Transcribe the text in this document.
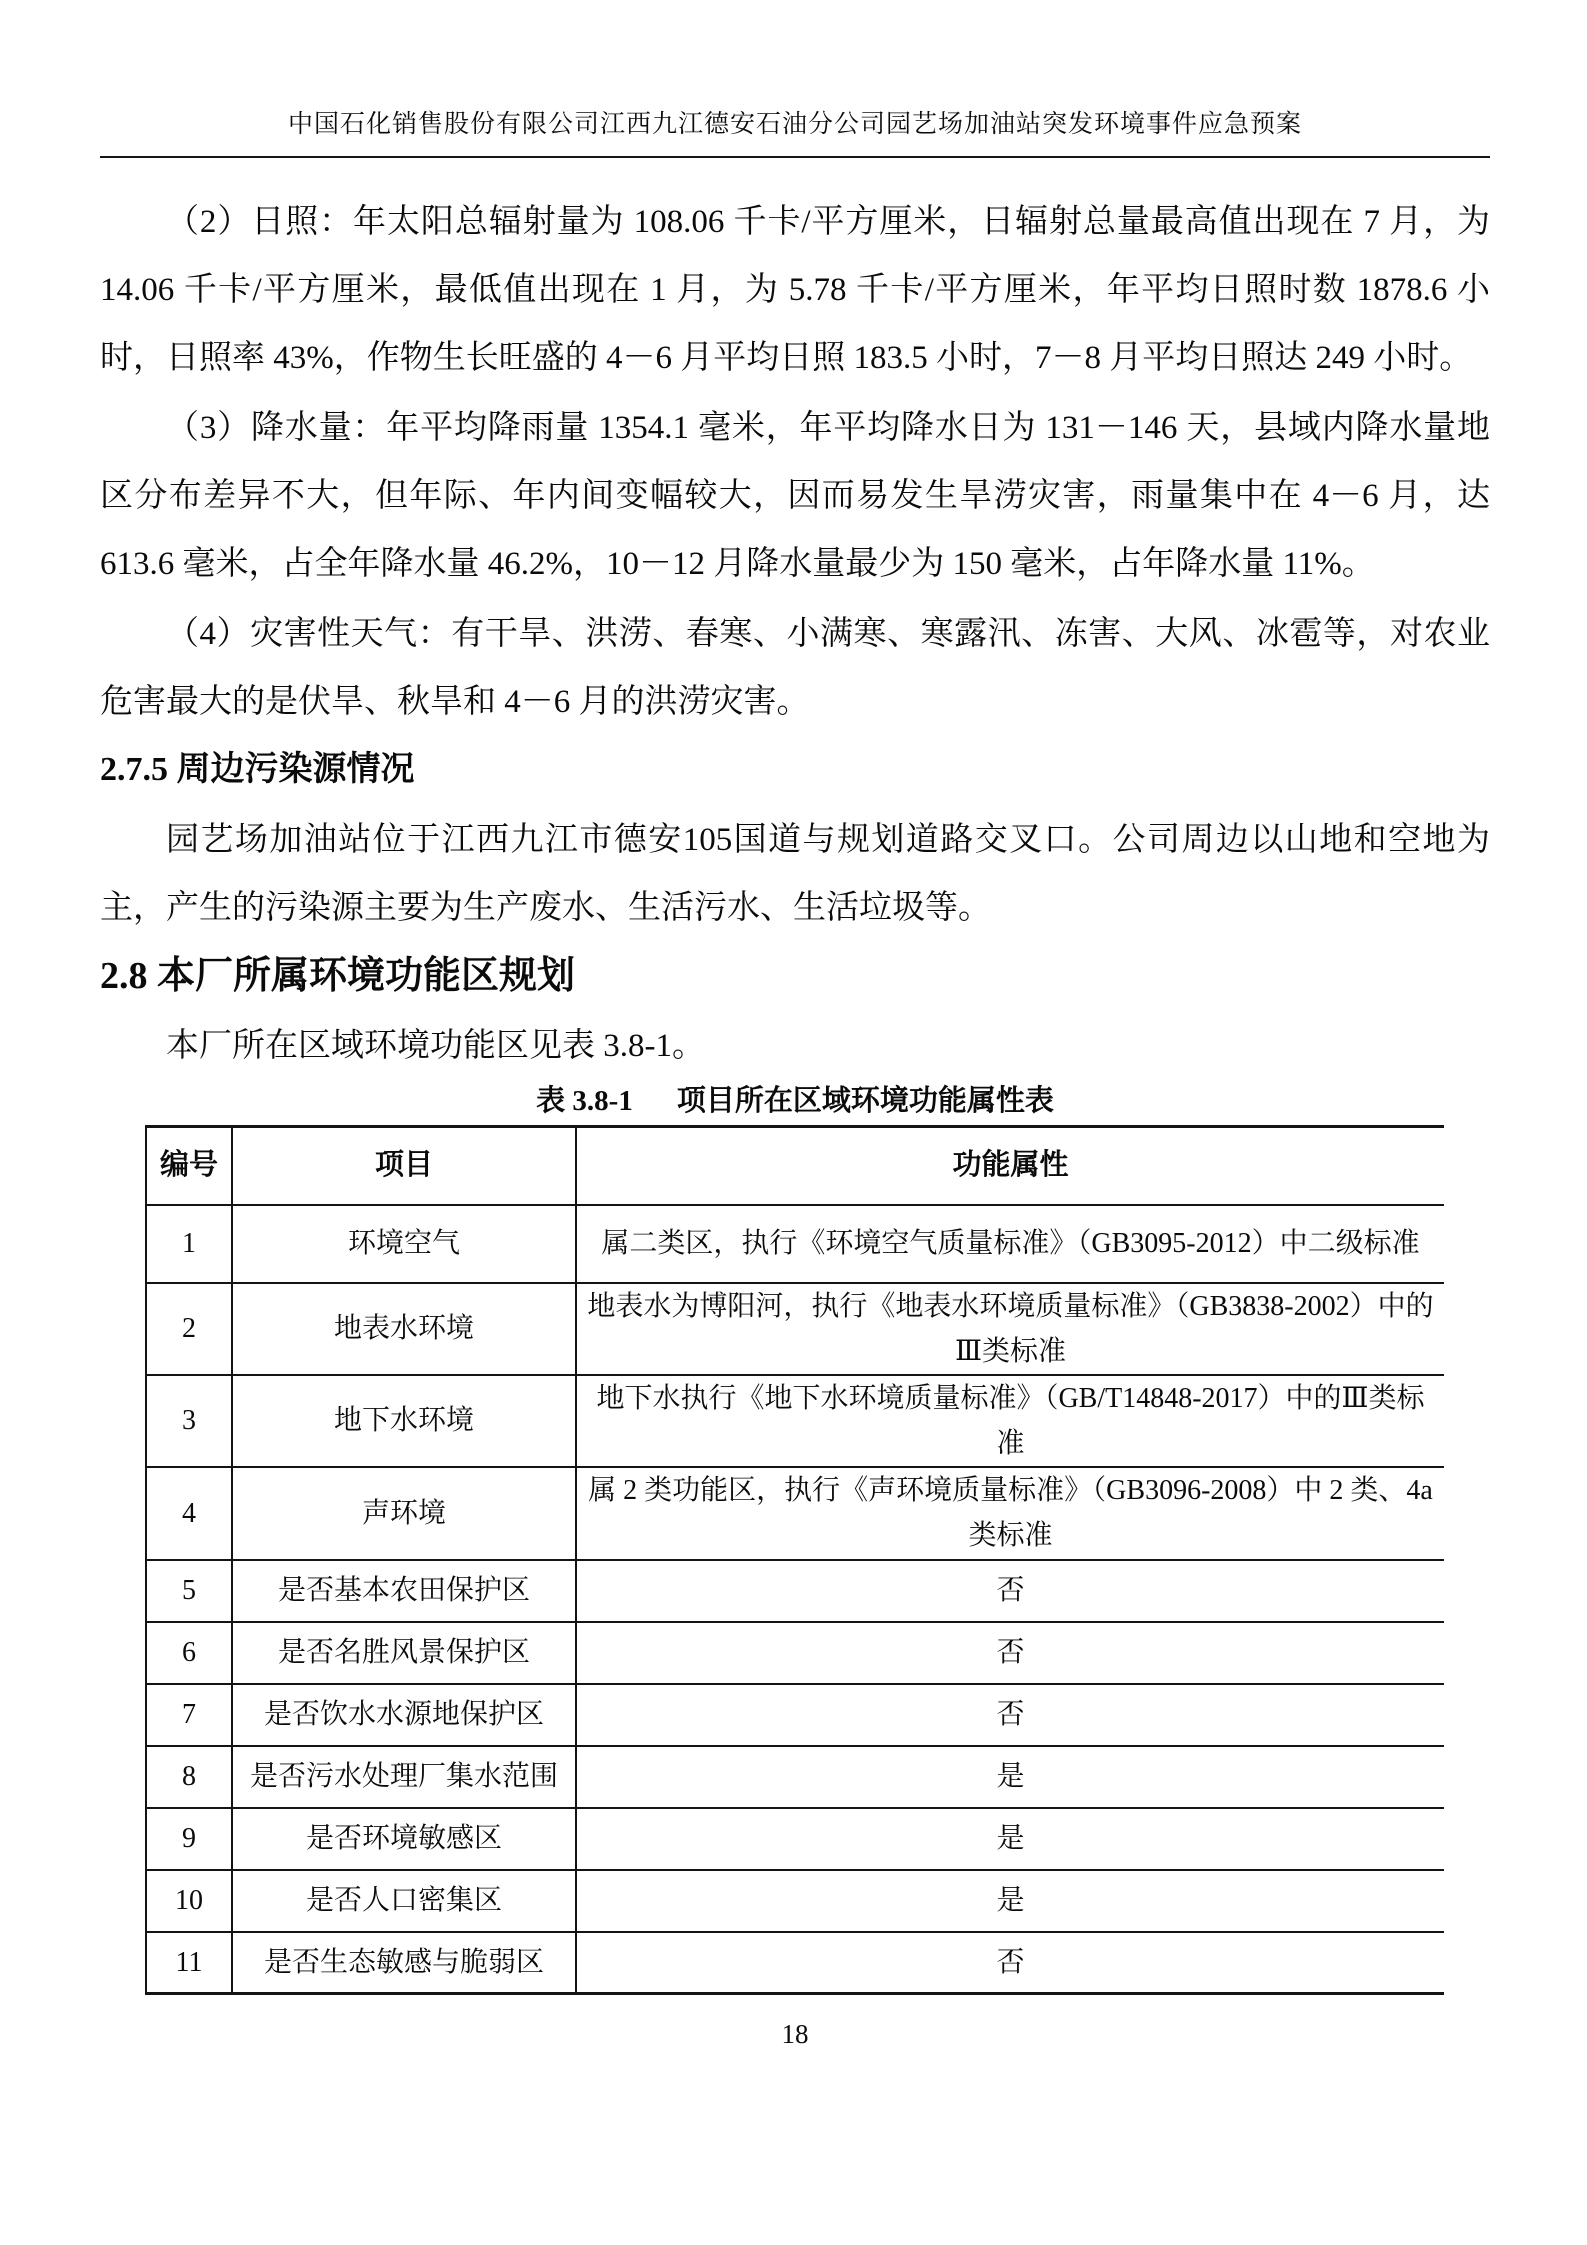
中国石化销售股份有限公司江西九江德安石油分公司园艺场加油站突发环境事件应急预案

（2）日照：年太阳总辐射量为 108.06 千卡/平方厘米，日辐射总量最高值出现在 7 月，为 14.06 千卡/平方厘米，最低值出现在 1 月，为 5.78 千卡/平方厘米，年平均日照时数 1878.6 小时，日照率 43%，作物生长旺盛的 4－6 月平均日照 183.5 小时，7－8 月平均日照达 249 小时。

（3）降水量：年平均降雨量 1354.1 毫米，年平均降水日为 131－146 天，县域内降水量地区分布差异不大，但年际、年内间变幅较大，因而易发生旱涝灾害，雨量集中在 4－6 月，达 613.6 毫米，占全年降水量 46.2%，10－12 月降水量最少为 150 毫米，占年降水量 11%。

（4）灾害性天气：有干旱、洪涝、春寒、小满寒、寒露汛、冻害、大风、冰雹等，对农业危害最大的是伏旱、秋旱和 4－6 月的洪涝灾害。

2.7.5 周边污染源情况

园艺场加油站位于江西九江市德安105国道与规划道路交叉口。公司周边以山地和空地为主，产生的污染源主要为生产废水、生活污水、生活垃圾等。

2.8 本厂所属环境功能区规划

本厂所在区域环境功能区见表 3.8-1。

表 3.8-1 项目所在区域环境功能属性表
编号	项目	功能属性
1	环境空气	属二类区，执行《环境空气质量标准》（GB3095-2012）中二级标准
2	地表水环境	地表水为博阳河，执行《地表水环境质量标准》（GB3838-2002）中的Ⅲ类标准
3	地下水环境	地下水执行《地下水环境质量标准》（GB/T14848-2017）中的Ⅲ类标准
4	声环境	属 2 类功能区，执行《声环境质量标准》（GB3096-2008）中 2 类、4a 类标准
5	是否基本农田保护区	否
6	是否名胜风景保护区	否
7	是否饮水水源地保护区	否
8	是否污水处理厂集水范围	是
9	是否环境敏感区	是
10	是否人口密集区	是
11	是否生态敏感与脆弱区	否
18
